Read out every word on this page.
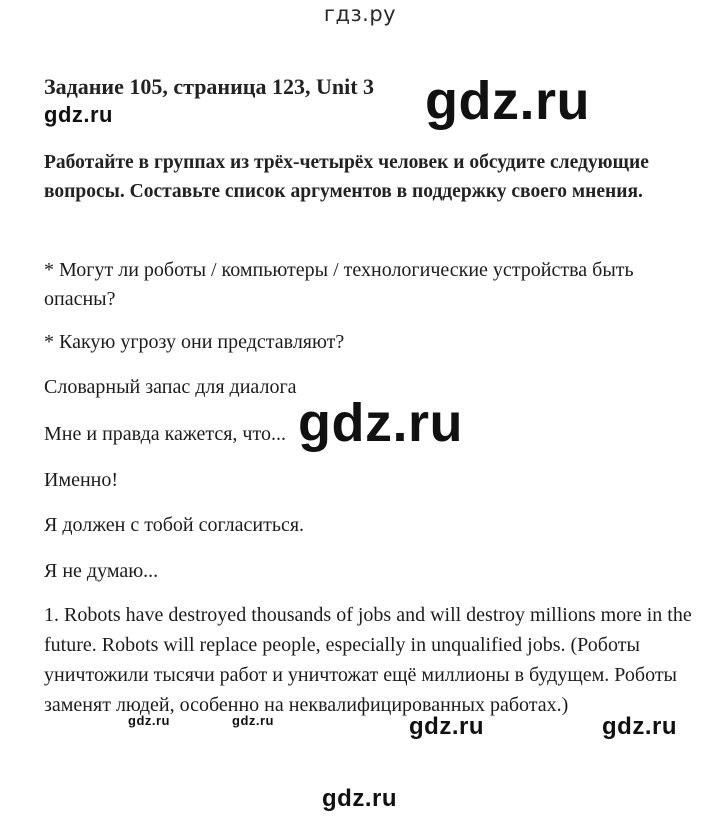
гдз.ру
Задание 105, страница 123, Unit 3
Работайте в группах из трёх-четырёх человек и обсудите следующие вопросы. Составьте список аргументов в поддержку своего мнения.
* Могут ли роботы / компьютеры / технологические устройства быть опасны?
* Какую угрозу они представляют?
Словарный запас для диалога
Мне и правда кажется, что...
Именно!
Я должен с тобой согласиться.
Я не думаю...
1. Robots have destroyed thousands of jobs and will destroy millions more in the future. Robots will replace people, especially in unqualified jobs. (Роботы уничтожили тысячи работ и уничтожат ещё миллионы в будущем. Роботы заменят людей, особенно на неквалифицированных работах.)
gdz.ru
gdz.ru
gdz.ru
gdz.ru	gdz.ru	gdz.ru	gdz.ru
gdz.ru
